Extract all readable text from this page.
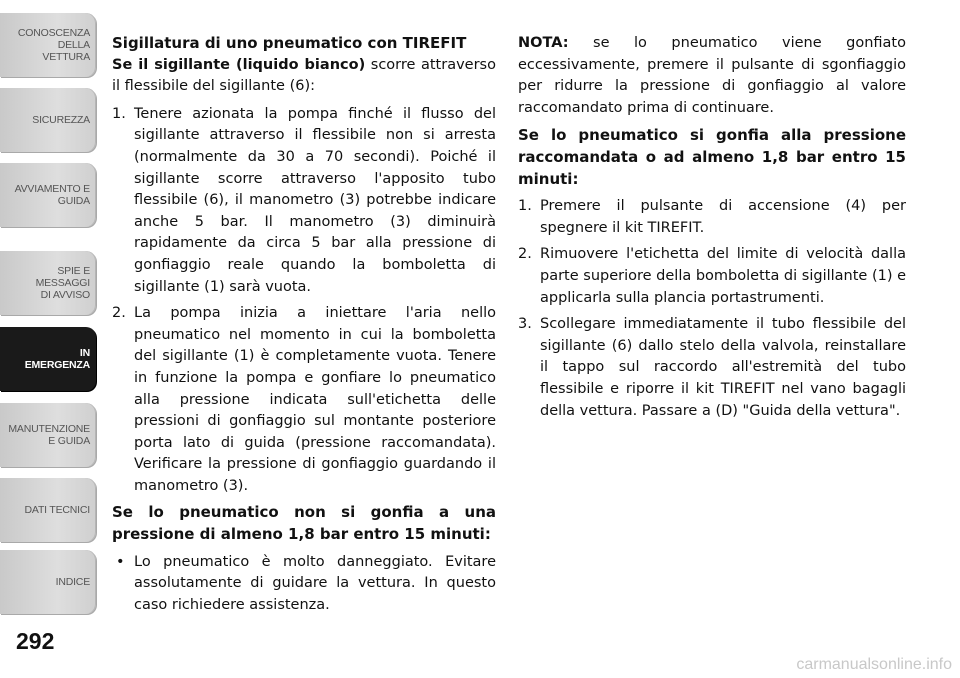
CONOSCENZA DELLA
VETTURA
SICUREZZA
AVVIAMENTO E
GUIDA
SPIE E
MESSAGGI
DI AVVISO
IN
EMERGENZA
MANUTENZIONE
E GUIDA
DATI TECNICI
INDICE
292

Sigillatura di uno pneumatico con TIREFIT

Se il sigillante (liquido bianco) scorre attraverso il flessibile del sigillante (6):

1. Tenere azionata la pompa finché il flusso del sigillante attraverso il flessibile non si arresta (normalmente da 30 a 70 secondi). Poiché il sigillante scorre attraverso l'apposito tubo flessibile (6), il manometro (3) potrebbe indicare anche 5 bar. Il manometro (3) diminuirà rapidamente da circa 5 bar alla pressione di gonfiaggio reale quando la bomboletta di sigillante (1) sarà vuota.
2. La pompa inizia a iniettare l'aria nello pneumatico nel momento in cui la bomboletta del sigillante (1) è completamente vuota. Tenere in funzione la pompa e gonfiare lo pneumatico alla pressione indicata sull'etichetta delle pressioni di gonfiaggio sul montante posteriore porta lato di guida (pressione raccomandata). Verificare la pressione di gonfiaggio guardando il manometro (3).

Se lo pneumatico non si gonfia a una pressione di almeno 1,8 bar entro 15 minuti:

• Lo pneumatico è molto danneggiato. Evitare assolutamente di guidare la vettura. In questo caso richiedere assistenza.

NOTA: se lo pneumatico viene gonfiato eccessivamente, premere il pulsante di sgonfiaggio per ridurre la pressione di gonfiaggio al valore raccomandato prima di continuare.

Se lo pneumatico si gonfia alla pressione raccomandata o ad almeno 1,8 bar entro 15 minuti:

1. Premere il pulsante di accensione (4) per spegnere il kit TIREFIT.
2. Rimuovere l'etichetta del limite di velocità dalla parte superiore della bomboletta di sigillante (1) e applicarla sulla plancia portastrumenti.
3. Scollegare immediatamente il tubo flessibile del sigillante (6) dallo stelo della valvola, reinstallare il tappo sul raccordo all'estremità del tubo flessibile e riporre il kit TIREFIT nel vano bagagli della vettura. Passare a (D) "Guida della vettura".
carmanualsonline.info
